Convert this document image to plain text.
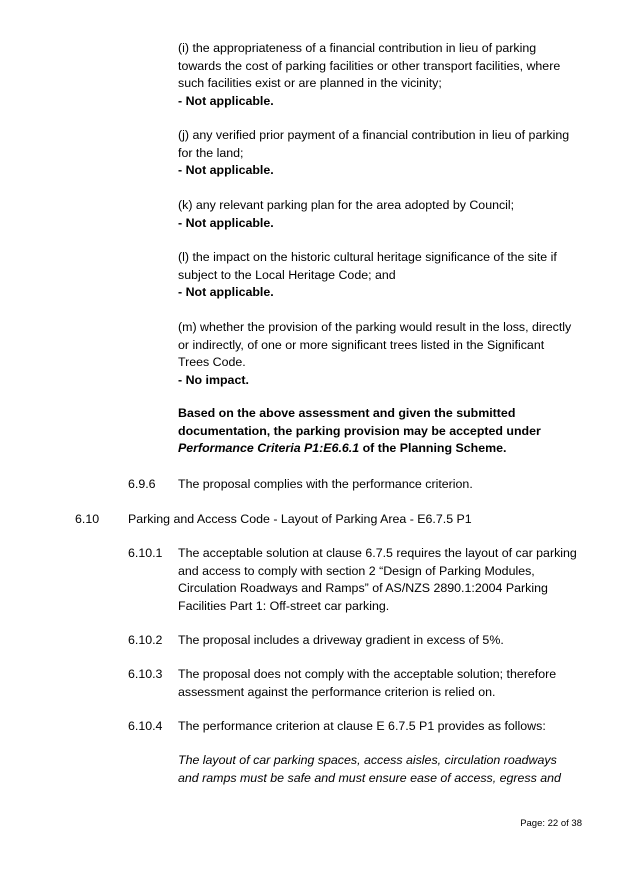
(i) the appropriateness of a financial contribution in lieu of parking towards the cost of parking facilities or other transport facilities, where such facilities exist or are planned in the vicinity;

- Not applicable.

(j) any verified prior payment of a financial contribution in lieu of parking for the land;

- Not applicable.

(k) any relevant parking plan for the area adopted by Council;

- Not applicable.

(l) the impact on the historic cultural heritage significance of the site if subject to the Local Heritage Code; and

- Not applicable.

(m) whether the provision of the parking would result in the loss, directly or indirectly, of one or more significant trees listed in the Significant Trees Code.

- No impact.

Based on the above assessment and given the submitted documentation, the parking provision may be accepted under Performance Criteria P1:E6.6.1 of the Planning Scheme.
6.9.6 The proposal complies with the performance criterion.
6.10 Parking and Access Code - Layout of Parking Area - E6.7.5 P1
6.10.1 The acceptable solution at clause 6.7.5 requires the layout of car parking and access to comply with section 2 “Design of Parking Modules, Circulation Roadways and Ramps” of AS/NZS 2890.1:2004 Parking Facilities Part 1: Off-street car parking.
6.10.2 The proposal includes a driveway gradient in excess of 5%.
6.10.3 The proposal does not comply with the acceptable solution; therefore assessment against the performance criterion is relied on.
6.10.4 The performance criterion at clause E 6.7.5 P1 provides as follows:
The layout of car parking spaces, access aisles, circulation roadways and ramps must be safe and must ensure ease of access, egress and
Page: 22 of 38
